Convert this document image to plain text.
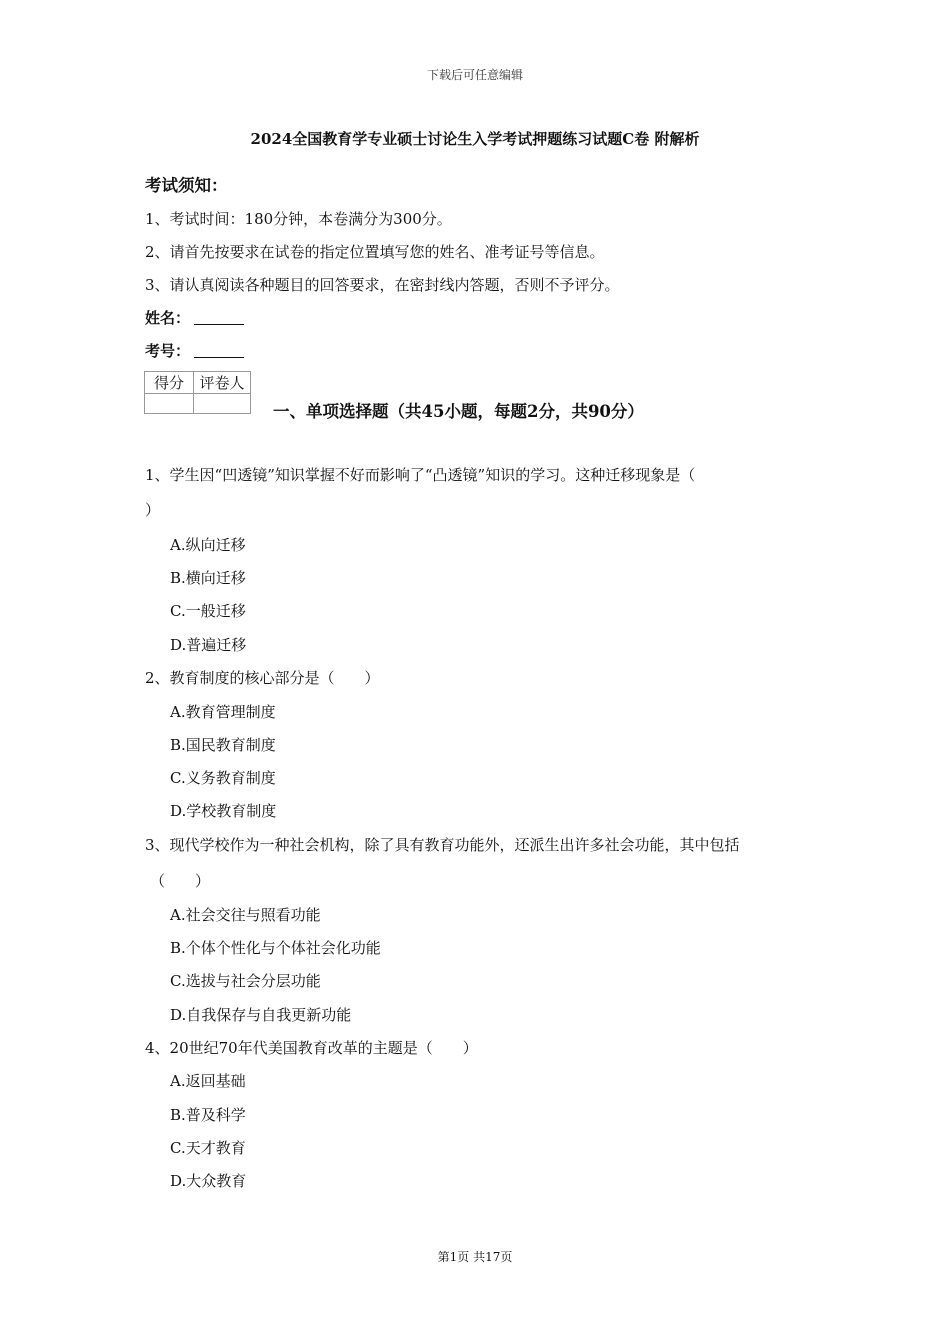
下载后可任意编辑
2024全国教育学专业硕士讨论生入学考试押题练习试题C卷 附解析
考试须知：
1、考试时间：180分钟，本卷满分为300分。
2、请首先按要求在试卷的指定位置填写您的姓名、准考证号等信息。
3、请认真阅读各种题目的回答要求，在密封线内答题，否则不予评分。
姓名：
考号：
得分	评卷人

一、单项选择题（共45小题，每题2分，共90分）
1、学生因“凹透镜”知识掌握不好而影响了“凸透镜”知识的学习。这种迁移现象是（
）
A.纵向迁移
B.横向迁移
C.一般迁移
D.普遍迁移
2、教育制度的核心部分是（　　）
A.教育管理制度
B.国民教育制度
C.义务教育制度
D.学校教育制度
3、现代学校作为一种社会机构，除了具有教育功能外，还派生出许多社会功能，其中包括
（　　）
A.社会交往与照看功能
B.个体个性化与个体社会化功能
C.选拔与社会分层功能
D.自我保存与自我更新功能
4、20世纪70年代美国教育改革的主题是（　　）
A.返回基础
B.普及科学
C.天才教育
D.大众教育
第1页 共17页
